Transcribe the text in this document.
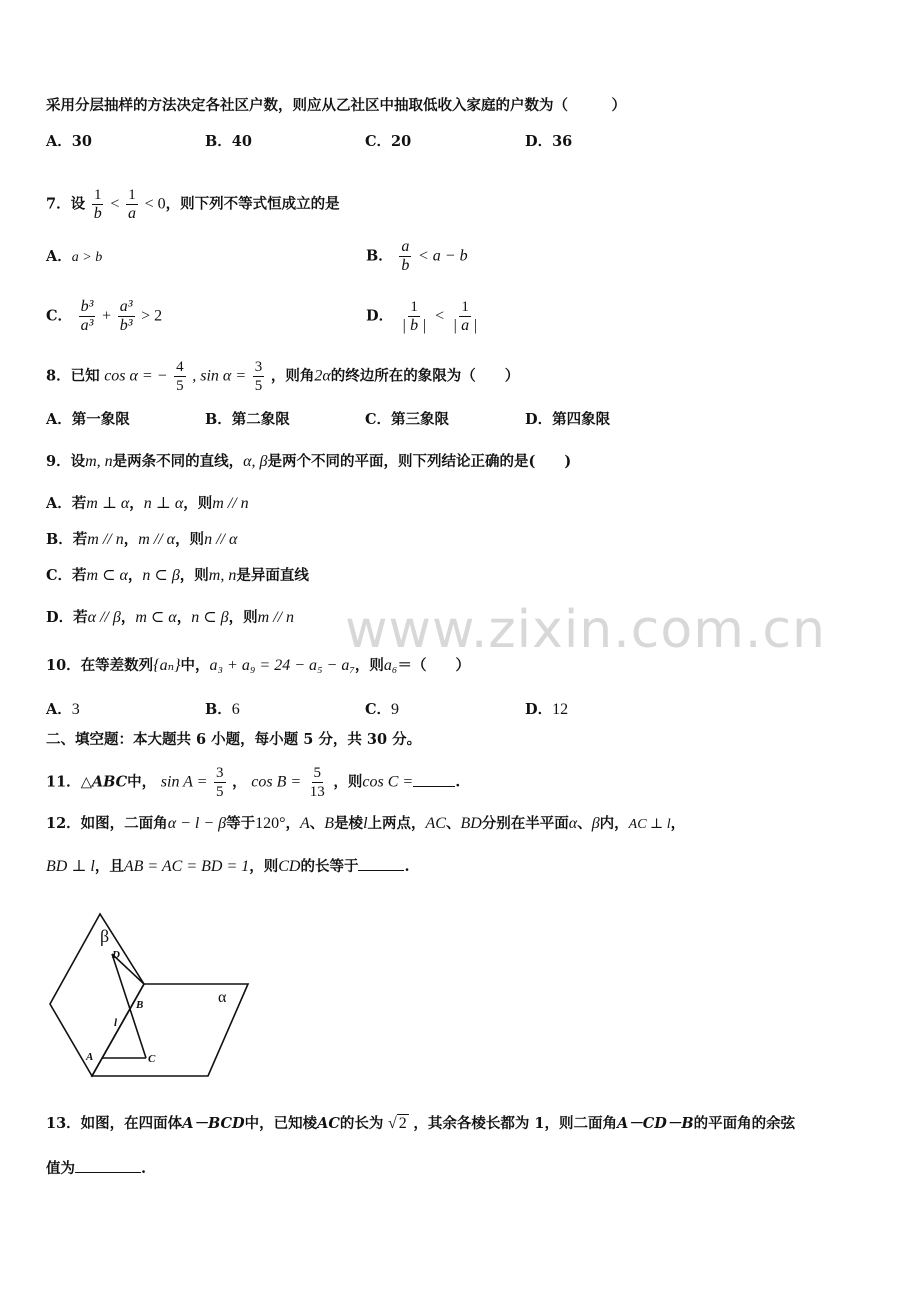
采用分层抽样的方法决定各社区户数，则应从乙社区中抽取低收入家庭的户数为（　　　）
A．30	B．40	C．20	D．36
7．设 $\frac{1}{b} < \frac{1}{a} < 0$，则下列不等式恒成立的是
A．a > b	B． $\frac{a}{b} < a - b$
C． $\frac{\text{b³}}{\text{a³}} + \frac{\text{a³}}{\text{b³}} > 2$	D． $\frac{1}{| b |} < \frac{1}{| a |}$
8．已知 cos α = − $\frac{4}{5}$ , $\sin \alpha = \frac{3}{5}$ ，则角2α的终边所在的象限为（　　）
A．第一象限	B．第二象限	C．第三象限	D．第四象限
9．设m, n是两条不同的直线，α, β是两个不同的平面，则下列结论正确的是(　　)
A．若m ⊥ α，n ⊥ α，则m // n
B．若m // n，m // α，则n // α
C．若m ⊂ α，n ⊂ β，则m, n是异面直线
D．若α // β，m ⊂ α，n ⊂ β，则m // n www.zixin.com.cn
10．在等差数列{aₙ}中，a₃ + a₉ = 24 − a₅ − a₇，则a₆＝（　　）
A．3	B．6	C．9	D．12
二、填空题：本大题共 6 小题，每小题 5 分，共 30 分。
11．△ABC中， $\sin A = \frac{3}{5}$ ， $\cos B = \frac{5}{13}$ ，则cos C =	.
12．如图，二面角α − l − β等于120°，A、B是棱l上两点，AC、BD分别在半平面α、β内，AC ⊥ l，
BD ⊥ l，且AB = AC = BD = 1，则CD的长等于	.
β
D
B
l
A	C
α
13．如图，在四面体A－BCD中，已知棱AC的长为 √ 2 ，其余各棱长都为 1，则二面角A－CD－B的平面角的余弦
值为	.
